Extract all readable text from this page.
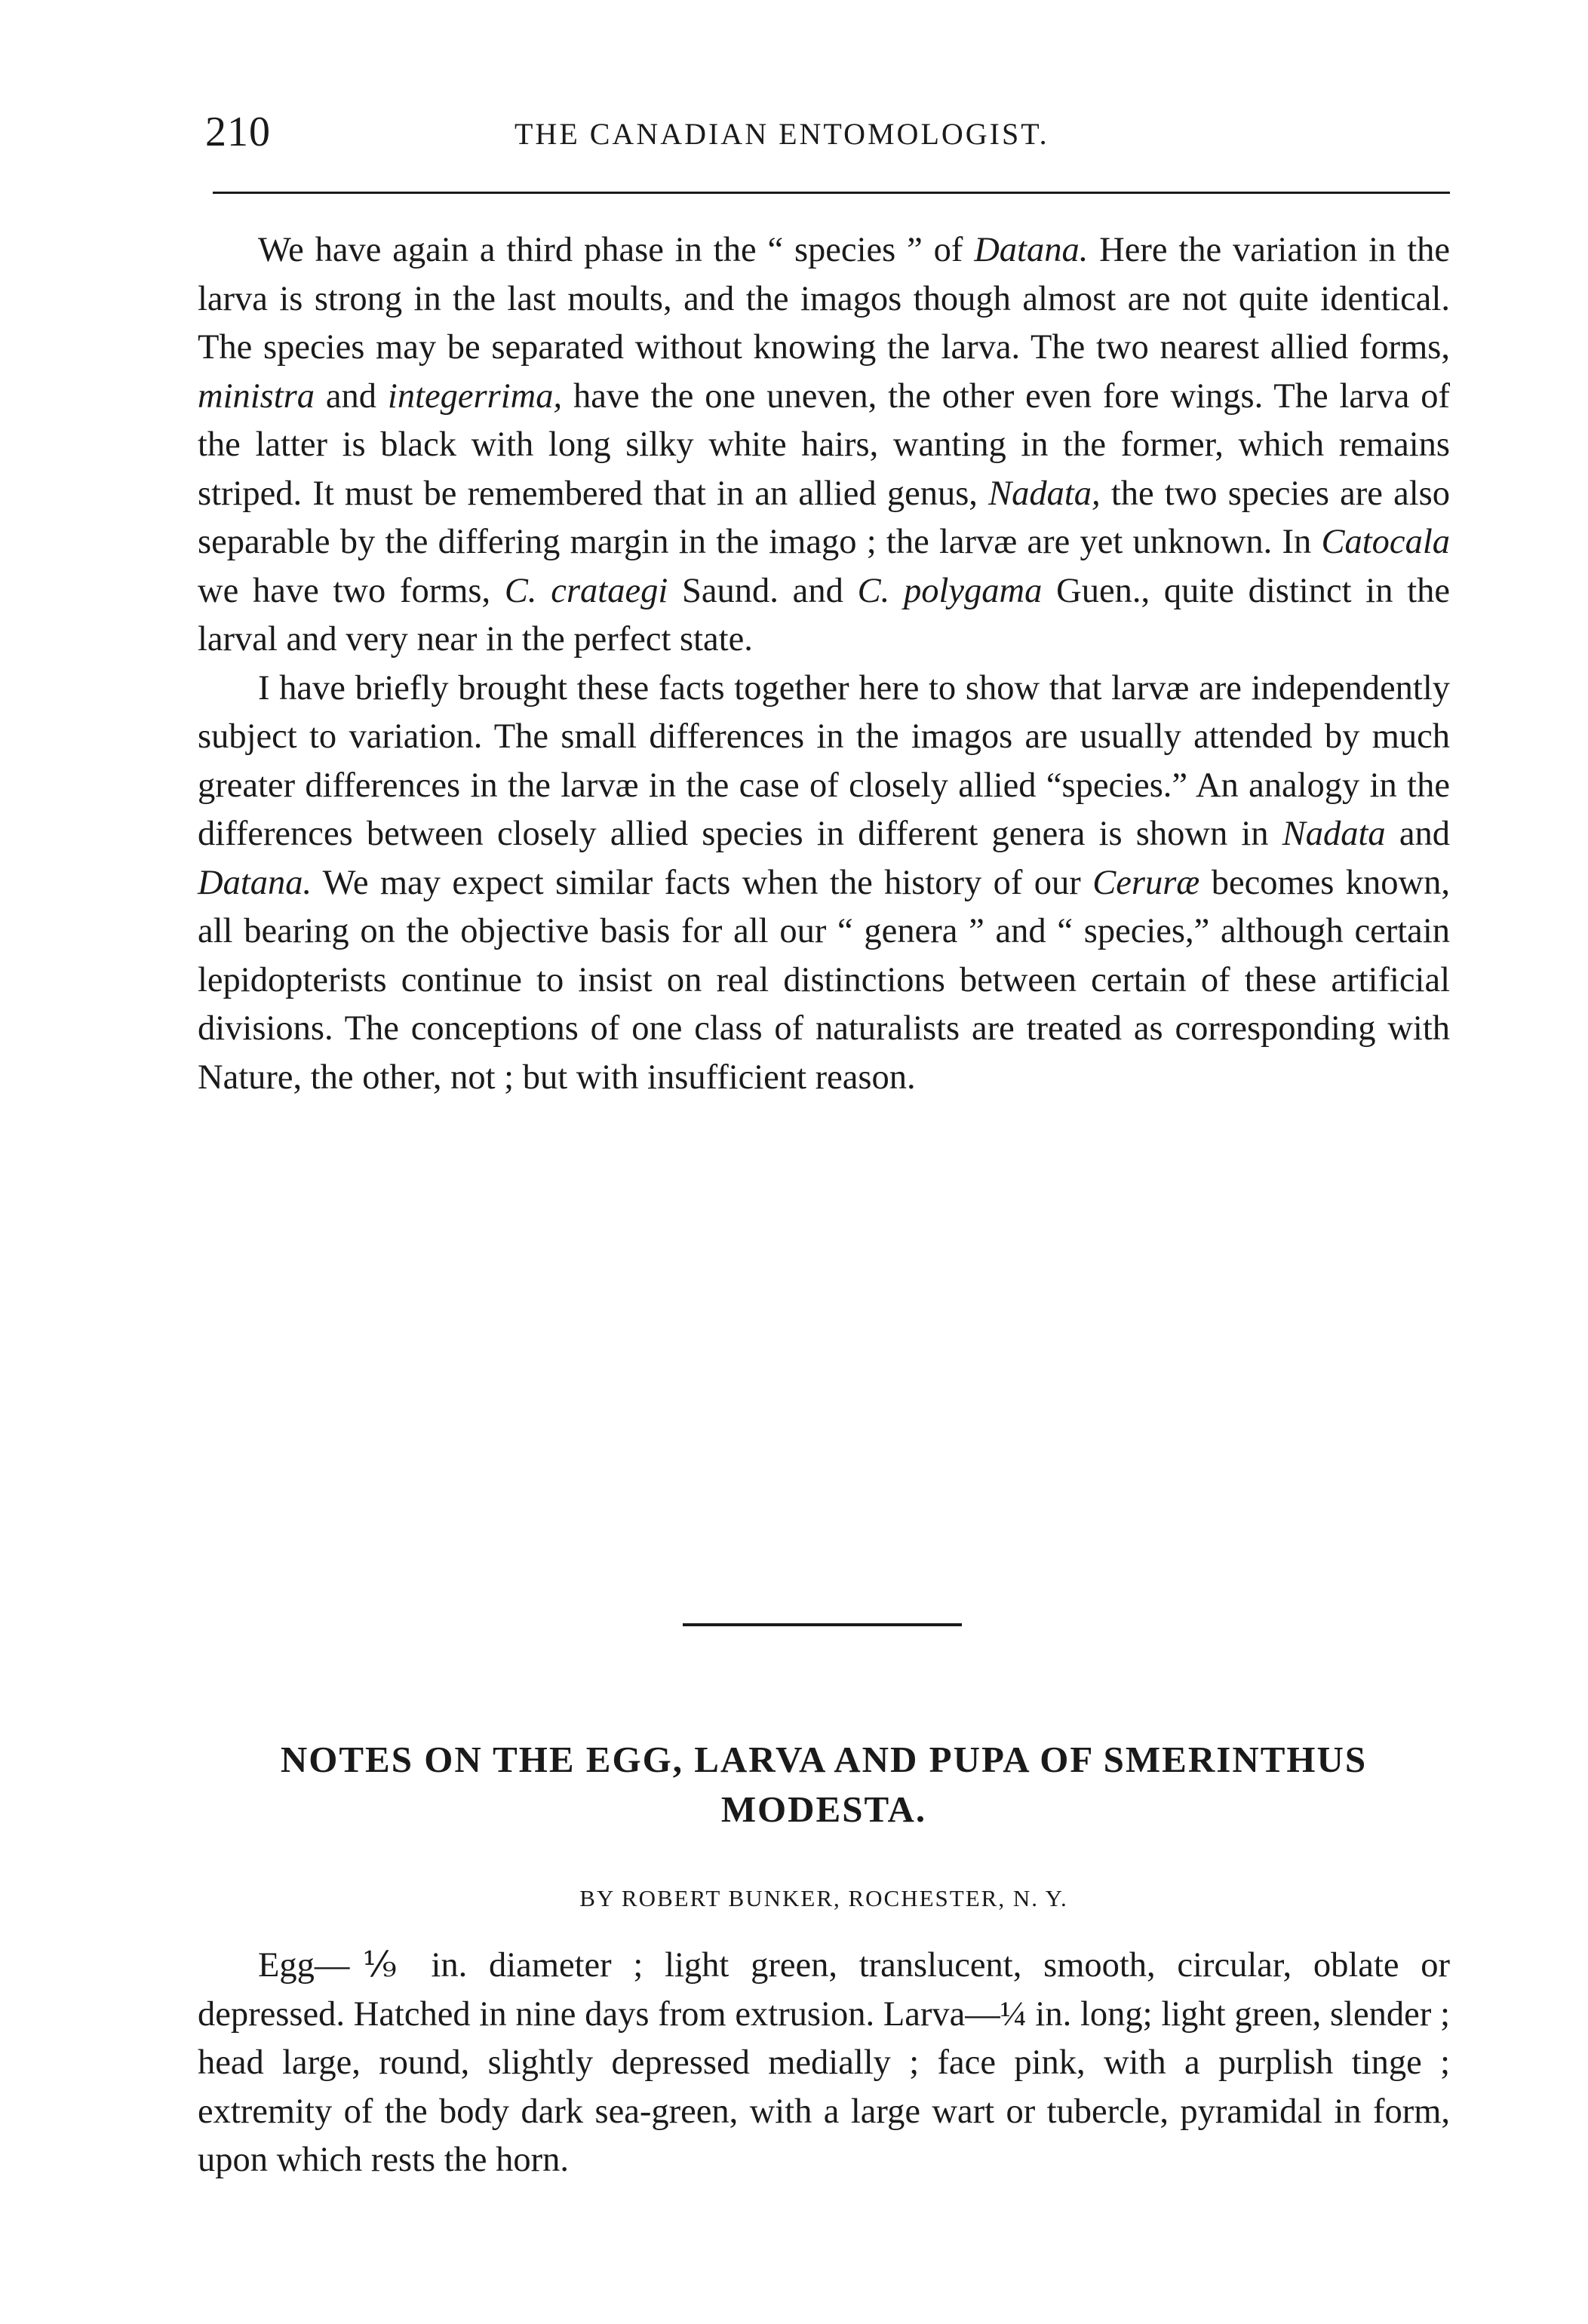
210	THE CANADIAN ENTOMOLOGIST.

We have again a third phase in the “ species ” of Datana. Here the variation in the larva is strong in the last moults, and the imagos though almost are not quite identical. The species may be separated without knowing the larva. The two nearest allied forms, ministra and integerrima, have the one uneven, the other even fore wings. The larva of the latter is black with long silky white hairs, wanting in the former, which remains striped. It must be remembered that in an allied genus, Nadata, the two species are also separable by the differing margin in the imago ; the larvæ are yet unknown. In Catocala we have two forms, C. crataegi Saund. and C. polygama Guen., quite distinct in the larval and very near in the perfect state.

I have briefly brought these facts together here to show that larvæ are independently subject to variation. The small differences in the imagos are usually attended by much greater differences in the larvæ in the case of closely allied “species.” An analogy in the differences between closely allied species in different genera is shown in Nadata and Datana. We may expect similar facts when the history of our Ceruræ becomes known, all bearing on the objective basis for all our “ genera ” and “ species,” although certain lepidopterists continue to insist on real distinctions between certain of these artificial divisions. The conceptions of one class of naturalists are treated as corresponding with Nature, the other, not ; but with insufficient reason.

NOTES ON THE EGG, LARVA AND PUPA OF SMERINTHUS
MODESTA.
BY ROBERT BUNKER, ROCHESTER, N. Y.

Egg—⅑ in. diameter ; light green, translucent, smooth, circular, oblate or depressed. Hatched in nine days from extrusion. Larva—¼ in. long; light green, slender ; head large, round, slightly depressed medially ; face pink, with a purplish tinge ; extremity of the body dark sea-green, with a large wart or tubercle, pyramidal in form, upon which rests the horn.
